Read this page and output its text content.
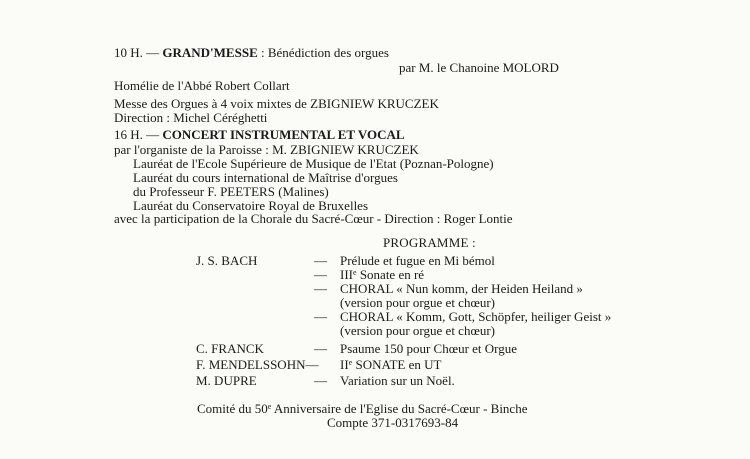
10 H. — GRAND'MESSE : Bénédiction des orgues
par M. le Chanoine MOLORD
Homélie de l'Abbé Robert Collart
Messe des Orgues à 4 voix mixtes de ZBIGNIEW KRUCZEK
Direction : Michel Céréghetti
16 H. — CONCERT INSTRUMENTAL ET VOCAL
par l'organiste de la Paroisse : M. ZBIGNIEW KRUCZEK
Lauréat de l'Ecole Supérieure de Musique de l'Etat (Poznan-Pologne)
Lauréat du cours international de Maîtrise d'orgues
du Professeur F. PEETERS (Malines)
Lauréat du Conservatoire Royal de Bruxelles
avec la participation de la Chorale du Sacré-Cœur - Direction : Roger Lontie
PROGRAMME :
J. S. BACH	— Prélude et fugue en Mi bémol
— IIIe Sonate en ré
— CHORAL « Nun komm, der Heiden Heiland »
(version pour orgue et chœur)
— CHORAL « Komm, Gott, Schöpfer, heiliger Geist »
(version pour orgue et chœur)
C. FRANCK	— Psaume 150 pour Chœur et Orgue
F. MENDELSSOHN— IIe SONATE en UT
M. DUPRE	— Variation sur un Noël.
Comité du 50e Anniversaire de l'Eglise du Sacré-Cœur - Binche
Compte 371-0317693-84
